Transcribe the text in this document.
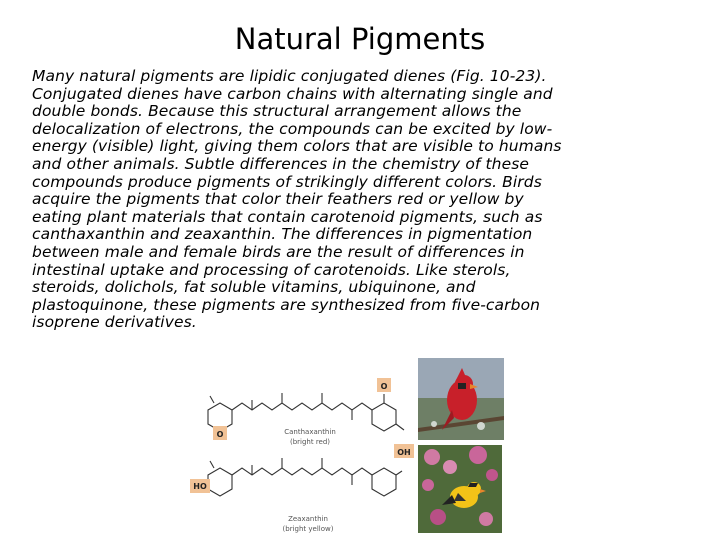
Natural Pigments
Many natural pigments are lipidic conjugated dienes (Fig. 10-23).
Conjugated dienes have carbon chains with alternating single and
double bonds. Because this structural arrangement allows the
delocalization of electrons, the compounds can be excited by low-
energy (visible) light, giving them colors that are visible to humans
and other animals. Subtle differences in the chemistry of these
compounds produce pigments of strikingly different colors. Birds
acquire the pigments that color their feathers red or yellow by
eating plant materials that contain carotenoid pigments, such as
canthaxanthin and zeaxanthin. The differences in pigmentation
between male and female birds are the result of differences in
intestinal uptake and processing of carotenoids. Like sterols,
steroids, dolichols, fat soluble vitamins, ubiquinone, and
plastoquinone, these pigments are synthesized from five-carbon
isoprene derivatives.
O
O	Canthaxanthin
(bright red)
OH
HO
Zeaxanthin
(bright yellow)
